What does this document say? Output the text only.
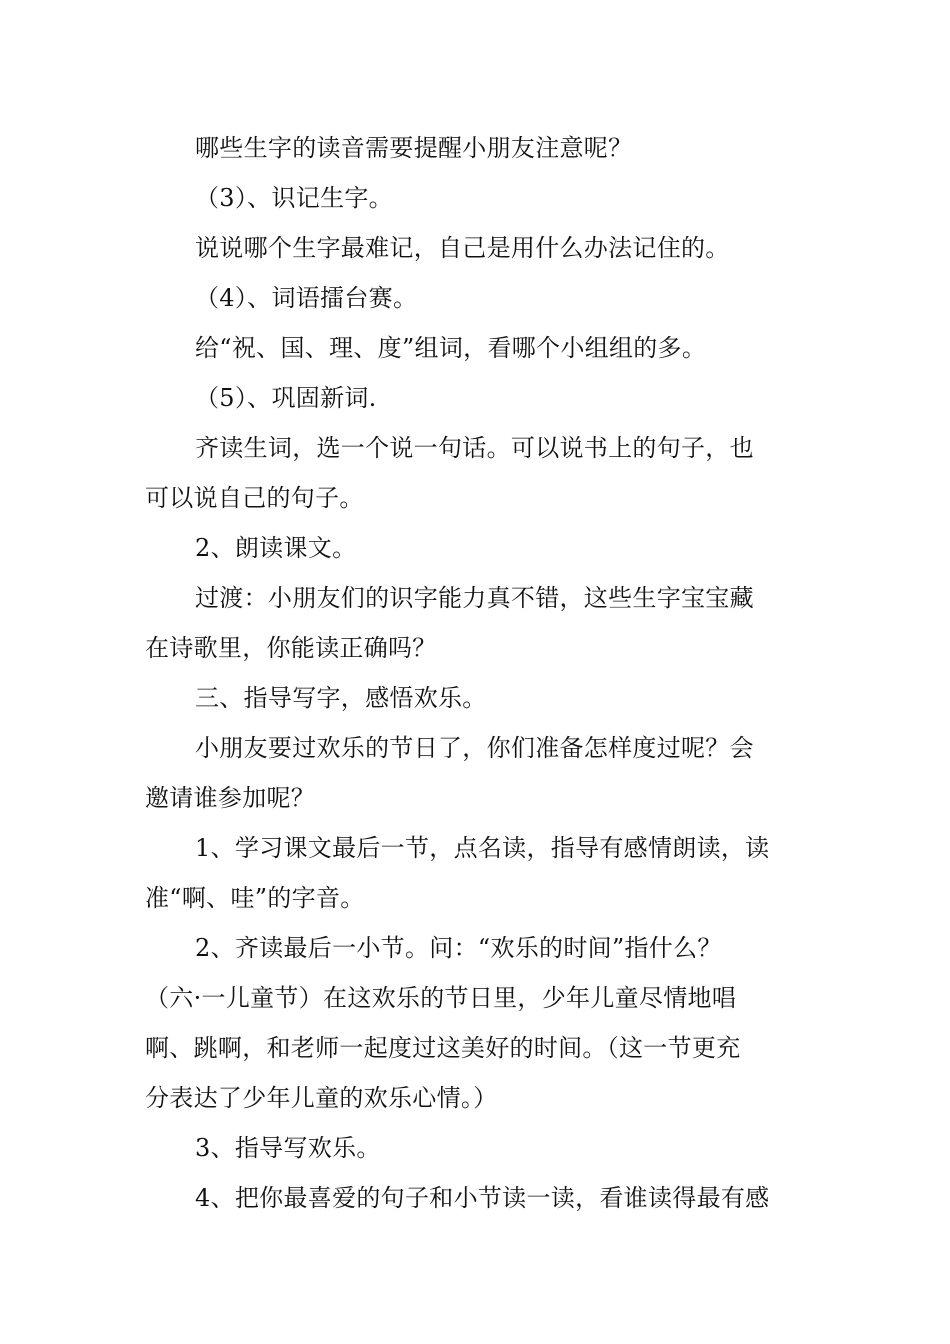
哪些生字的读音需要提醒小朋友注意呢？
（3）、识记生字。
说说哪个生字最难记，自己是用什么办法记住的。
（4）、词语擂台赛。
给“祝、国、理、度”组词，看哪个小组组的多。
（5）、巩固新词.
齐读生词，选一个说一句话。可以说书上的句子，也
可以说自己的句子。
2、朗读课文。
过渡：小朋友们的识字能力真不错，这些生字宝宝藏
在诗歌里，你能读正确吗？
三、指导写字，感悟欢乐。
小朋友要过欢乐的节日了，你们准备怎样度过呢？会
邀请谁参加呢？
1、学习课文最后一节，点名读，指导有感情朗读，读
准“啊、哇”的字音。
2、齐读最后一小节。问：“欢乐的时间”指什么？
（六·一儿童节）在这欢乐的节日里，少年儿童尽情地唱
啊、跳啊，和老师一起度过这美好的时间。（这一节更充
分表达了少年儿童的欢乐心情。）
3、指导写欢乐。
4、把你最喜爱的句子和小节读一读，看谁读得最有感
